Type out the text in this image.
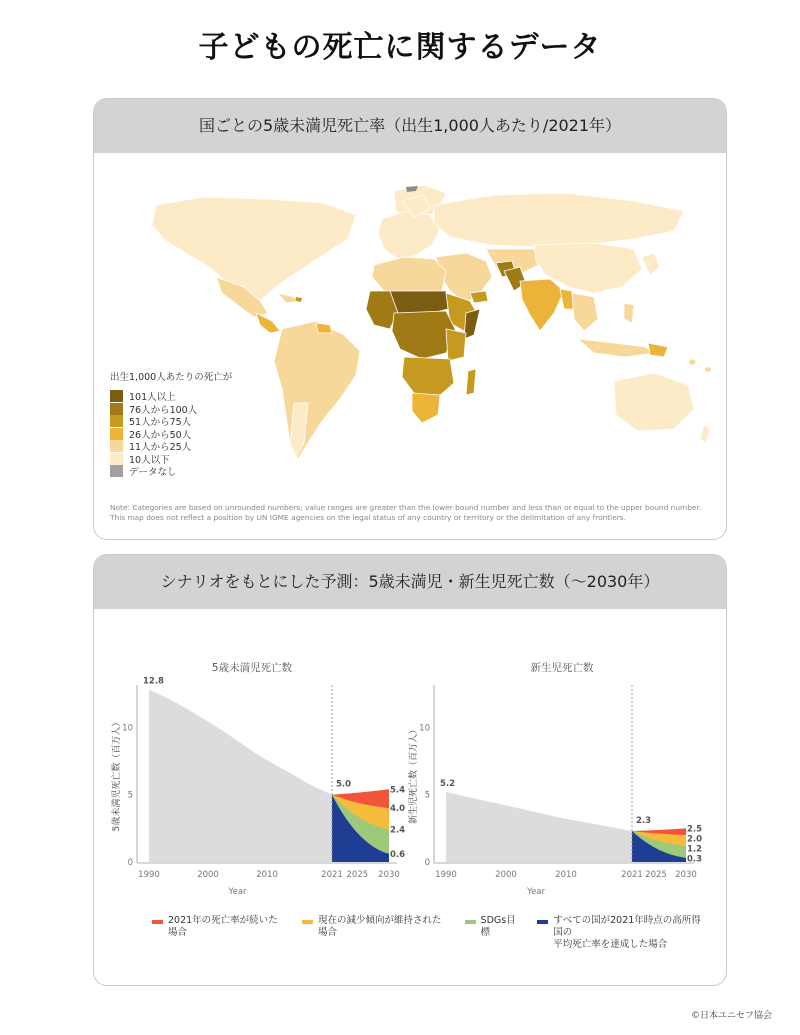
子どもの死亡に関するデータ
国ごとの5歳未満児死亡率（出生1,000人あたり/2021年）
出生1,000人あたりの死亡が
101人以上
76人から100人
51人から75人
26人から50人
11人から25人
10人以下
データなし
Note: Categories are based on unrounded numbers; value ranges are greater than the lower bound number and less than or equal to the upper bound number. This map does not reflect a position by UN IGME agencies on the legal status of any country or territory or the delimitation of any frontiers.
シナリオをもとにした予測：5歳未満児・新生児死亡数（〜2030年）
5歳未満児死亡数
0
5
10
5歳未満児死亡数（百万人）
1990	2000	2010	2021 2025 2030
Year
12.8
5.0
5.4
4.0
2.4
0.6
新生児死亡数
0
5
10
新生児死亡数（百万人）
1990	2000	2010	2021 2025 2030
Year
5.2
2.3
2.5
2.0
1.2
0.3
2021年の死亡率が続いた場合
現在の減少傾向が維持された場合
SDGs目標
すべての国が2021年時点の高所得国の
平均死亡率を達成した場合
©日本ユニセフ協会
